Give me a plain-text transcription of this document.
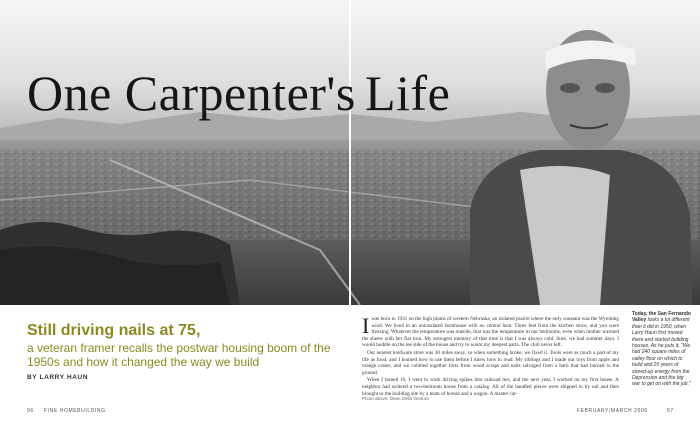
One Carpenter's Life
Still driving nails at 75,
a veteran framer recalls the postwar housing boom of the 1950s and how it changed the way we build
BY LARRY HAUN

Iwas born in 1931 on the high plains of western Nebraska, an isolated prairie where the only constant was the Wyoming wind. We lived in an uninsulated farmhouse with no central heat. Three feet from the kitchen stove, and you were freezing. Whatever the temperature was outside, that was the temperature in our bedrooms, even when mother warmed the sheets with her flat iron. My strongest memory of that time is that I was always cold. Sure, we had summer days. I would huddle on the lee side of the house and try to warm my deepest parts. The chill never left.

Our nearest hardware store was 30 miles away, so when something broke, we fixed it. Tools were as much a part of my life as food, and I learned how to use them before I knew how to read. My siblings and I made our toys from apple and orange crates, and we cobbled together forts from wood scraps and nails salvaged from a barn that had burned to the ground.

When I turned 16, I went to work driving spikes into railroad ties, and the next year, I worked on my first house. A neighbor had ordered a two-bedroom house from a catalog. All of the handled pieces were shipped in by rail and then brought to the building site by a team of horses and a wagon. A master car-

Today, the San Fernando Valley looks a lot different than it did in 1950, when Larry Haun first moved there and started building houses. As he puts it, "We had 240 square miles of valley floor on which to build and 20 years of stored-up energy from the Depression and the big war to get on with the job."
Photo above: Dean Della Ventura
96 FINE HOMEBUILDING	FEBRUARY/MARCH 2006	97
